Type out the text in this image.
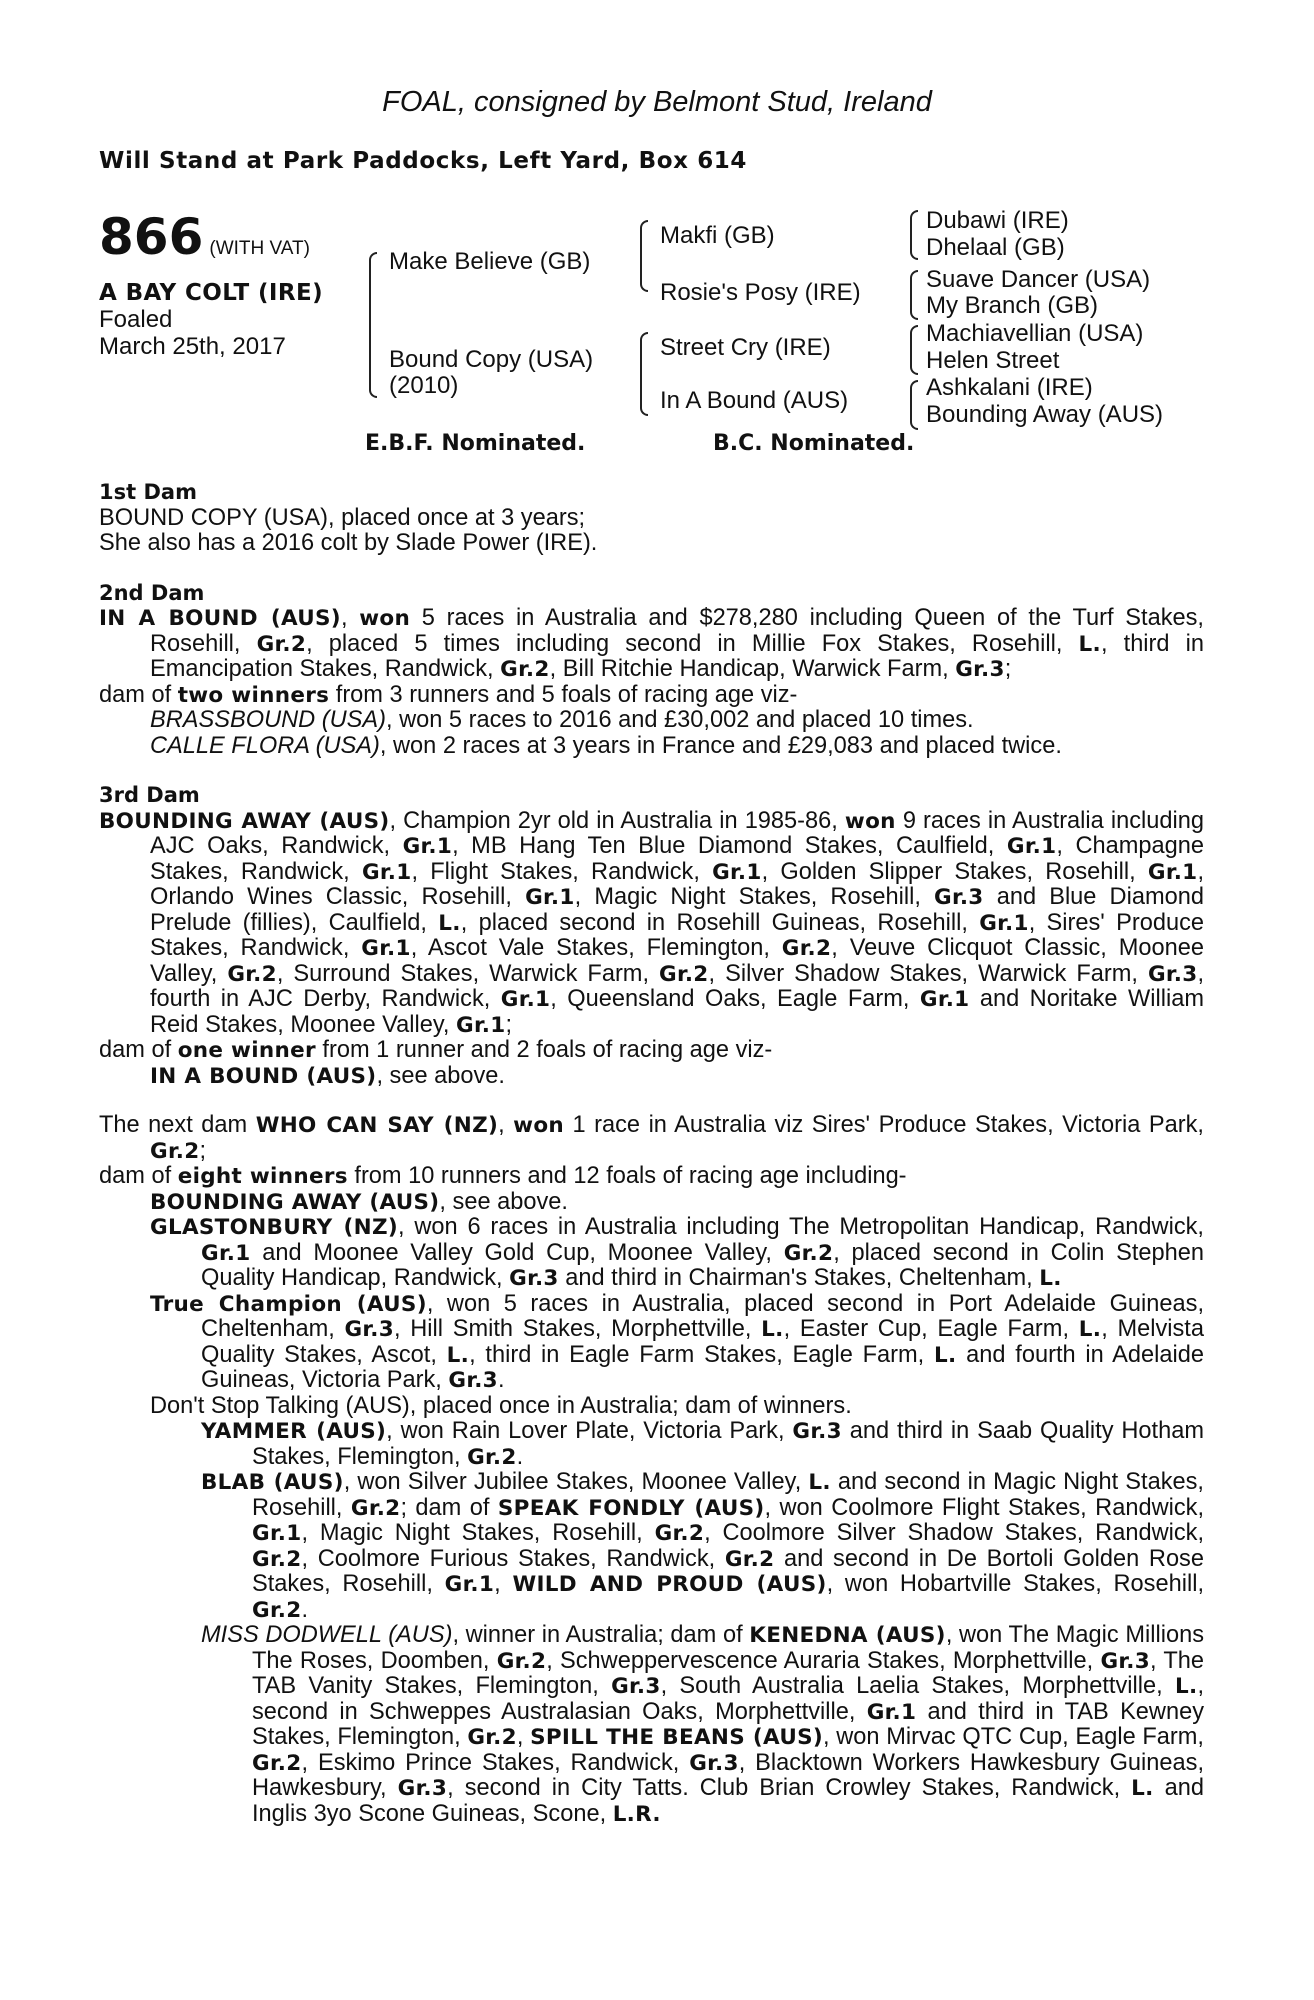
FOAL, consigned by Belmont Stud, Ireland
Will Stand at Park Paddocks, Left Yard, Box 614
866 (WITH VAT)
A BAY COLT (IRE)
Foaled
March 25th, 2017
Make Believe (GB)
Bound Copy (USA)
(2010)
Makfi (GB)
Rosie's Posy (IRE)
Street Cry (IRE)
In A Bound (AUS)
Dubawi (IRE)
Dhelaal (GB)
Suave Dancer (USA)
My Branch (GB)
Machiavellian (USA)
Helen Street
Ashkalani (IRE)
Bounding Away (AUS)
E.B.F. Nominated.	B.C. Nominated.
1st Dam

BOUND COPY (USA), placed once at 3 years;

She also has a 2016 colt by Slade Power (IRE).

2nd Dam

IN A BOUND (AUS), won 5 races in Australia and $278,280 including Queen of the Turf Stakes, Rosehill, Gr.2, placed 5 times including second in Millie Fox Stakes, Rosehill, L., third in Emancipation Stakes, Randwick, Gr.2, Bill Ritchie Handicap, Warwick Farm, Gr.3;

dam of two winners from 3 runners and 5 foals of racing age viz-

BRASSBOUND (USA), won 5 races to 2016 and £30,002 and placed 10 times.

CALLE FLORA (USA), won 2 races at 3 years in France and £29,083 and placed twice.

3rd Dam

BOUNDING AWAY (AUS), Champion 2yr old in Australia in 1985-86, won 9 races in Australia including AJC Oaks, Randwick, Gr.1, MB Hang Ten Blue Diamond Stakes, Caulfield, Gr.1, Champagne Stakes, Randwick, Gr.1, Flight Stakes, Randwick, Gr.1, Golden Slipper Stakes, Rosehill, Gr.1, Orlando Wines Classic, Rosehill, Gr.1, Magic Night Stakes, Rosehill, Gr.3 and Blue Diamond Prelude (fillies), Caulfield, L., placed second in Rosehill Guineas, Rosehill, Gr.1, Sires' Produce Stakes, Randwick, Gr.1, Ascot Vale Stakes, Flemington, Gr.2, Veuve Clicquot Classic, Moonee Valley, Gr.2, Surround Stakes, Warwick Farm, Gr.2, Silver Shadow Stakes, Warwick Farm, Gr.3, fourth in AJC Derby, Randwick, Gr.1, Queensland Oaks, Eagle Farm, Gr.1 and Noritake William Reid Stakes, Moonee Valley, Gr.1;

dam of one winner from 1 runner and 2 foals of racing age viz-

IN A BOUND (AUS), see above.

The next dam WHO CAN SAY (NZ), won 1 race in Australia viz Sires' Produce Stakes, Victoria Park, Gr.2;

dam of eight winners from 10 runners and 12 foals of racing age including-

BOUNDING AWAY (AUS), see above.

GLASTONBURY (NZ), won 6 races in Australia including The Metropolitan Handicap, Randwick, Gr.1 and Moonee Valley Gold Cup, Moonee Valley, Gr.2, placed second in Colin Stephen Quality Handicap, Randwick, Gr.3 and third in Chairman's Stakes, Cheltenham, L.

True Champion (AUS), won 5 races in Australia, placed second in Port Adelaide Guineas, Cheltenham, Gr.3, Hill Smith Stakes, Morphettville, L., Easter Cup, Eagle Farm, L., Melvista Quality Stakes, Ascot, L., third in Eagle Farm Stakes, Eagle Farm, L. and fourth in Adelaide Guineas, Victoria Park, Gr.3.

Don't Stop Talking (AUS), placed once in Australia; dam of winners.

YAMMER (AUS), won Rain Lover Plate, Victoria Park, Gr.3 and third in Saab Quality Hotham Stakes, Flemington, Gr.2.

BLAB (AUS), won Silver Jubilee Stakes, Moonee Valley, L. and second in Magic Night Stakes, Rosehill, Gr.2; dam of SPEAK FONDLY (AUS), won Coolmore Flight Stakes, Randwick, Gr.1, Magic Night Stakes, Rosehill, Gr.2, Coolmore Silver Shadow Stakes, Randwick, Gr.2, Coolmore Furious Stakes, Randwick, Gr.2 and second in De Bortoli Golden Rose Stakes, Rosehill, Gr.1, WILD AND PROUD (AUS), won Hobartville Stakes, Rosehill, Gr.2.

MISS DODWELL (AUS), winner in Australia; dam of KENEDNA (AUS), won The Magic Millions The Roses, Doomben, Gr.2, Schweppervescence Auraria Stakes, Morphettville, Gr.3, The TAB Vanity Stakes, Flemington, Gr.3, South Australia Laelia Stakes, Morphettville, L., second in Schweppes Australasian Oaks, Morphettville, Gr.1 and third in TAB Kewney Stakes, Flemington, Gr.2, SPILL THE BEANS (AUS), won Mirvac QTC Cup, Eagle Farm, Gr.2, Eskimo Prince Stakes, Randwick, Gr.3, Blacktown Workers Hawkesbury Guineas, Hawkesbury, Gr.3, second in City Tatts. Club Brian Crowley Stakes, Randwick, L. and Inglis 3yo Scone Guineas, Scone, L.R.
